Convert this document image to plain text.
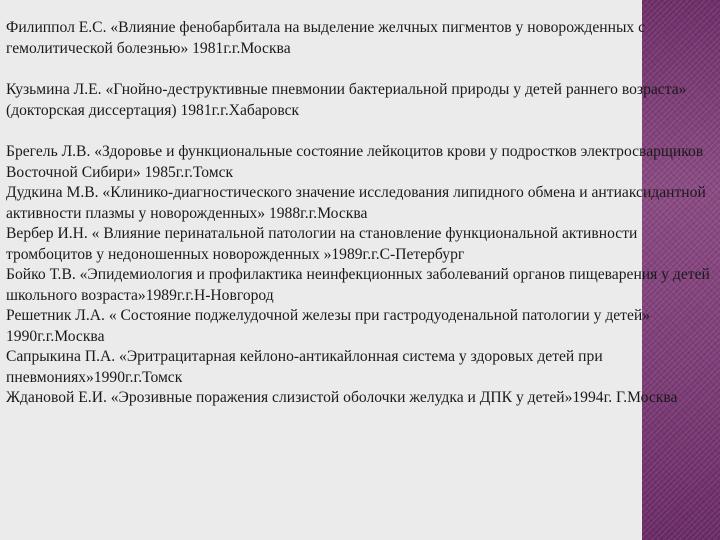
Филиппол Е.С. «Влияние фенобарбитала на выделение желчных пигментов у новорожденных с гемолитической болезнью» 1981г.г.Москва

Кузьмина Л.Е. «Гнойно-деструктивные пневмонии бактериальной природы у детей раннего возраста» (докторская диссертация) 1981г.г.Хабаровск

Брегель Л.В. «Здоровье и функциональные состояние лейкоцитов крови у подростков электросварщиков Восточной Сибири» 1985г.г.Томск

Дудкина М.В. «Клинико-диагностического значение исследования липидного обмена и антиаксидантной активности плазмы у новорожденных» 1988г.г.Москва

Вербер И.Н. « Влияние перинатальной патологии на становление функциональной активности тромбоцитов у недоношенных новорожденных »1989г.г.С-Петербург

Бойко Т.В. «Эпидемиология и профилактика неинфекционных заболеваний органов пищеварения у детей школьного возраста»1989г.г.Н-Новгород

Решетник Л.А. « Состояние поджелудочной железы при гастродуоденальной патологии у детей» 1990г.г.Москва

Сапрыкина П.А. «Эритрацитарная кейлоно-антикайлонная система у здоровых детей при пневмониях»1990г.г.Томск

Ждановой Е.И. «Эрозивные поражения слизистой оболочки желудка и ДПК у детей»1994г. Г.Москва
